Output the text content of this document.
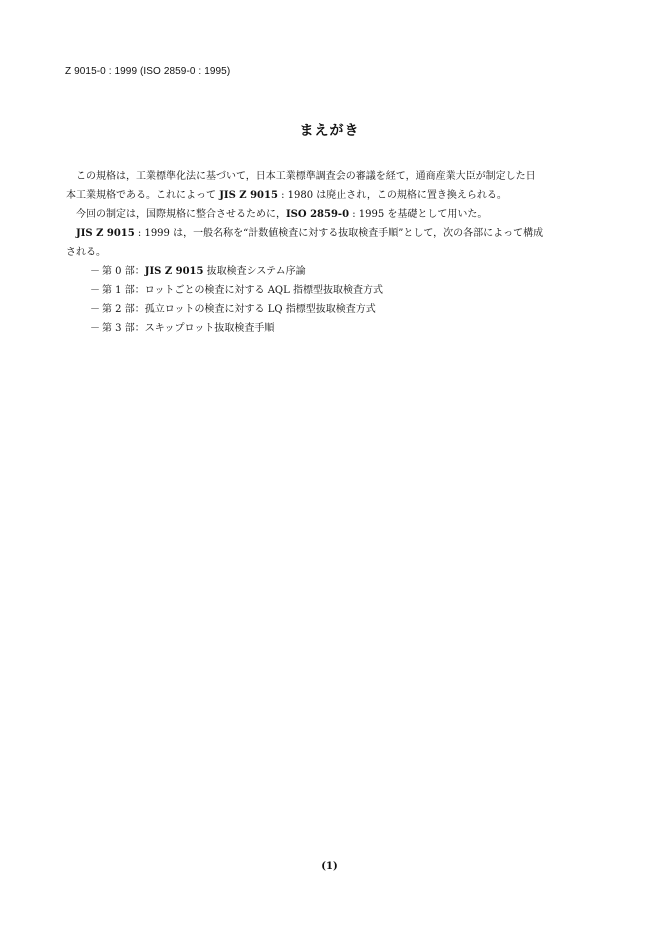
Z 9015-0 : 1999 (ISO 2859-0 : 1995)
まえがき
　この規格は，工業標準化法に基づいて，日本工業標準調査会の審議を経て，通商産業大臣が制定した日
本工業規格である。これによって JIS Z 9015 : 1980 は廃止され，この規格に置き換えられる。
　今回の制定は，国際規格に整合させるために，ISO 2859-0 : 1995 を基礎として用いた。
　JIS Z 9015 : 1999 は，一般名称を“計数値検査に対する抜取検査手順”として，次の各部によって構成
される。
－ 第 0 部：JIS Z 9015 抜取検査システム序論
－ 第 1 部：ロットごとの検査に対する AQL 指標型抜取検査方式
－ 第 2 部：孤立ロットの検査に対する LQ 指標型抜取検査方式
－ 第 3 部：スキップロット抜取検査手順
(1)
